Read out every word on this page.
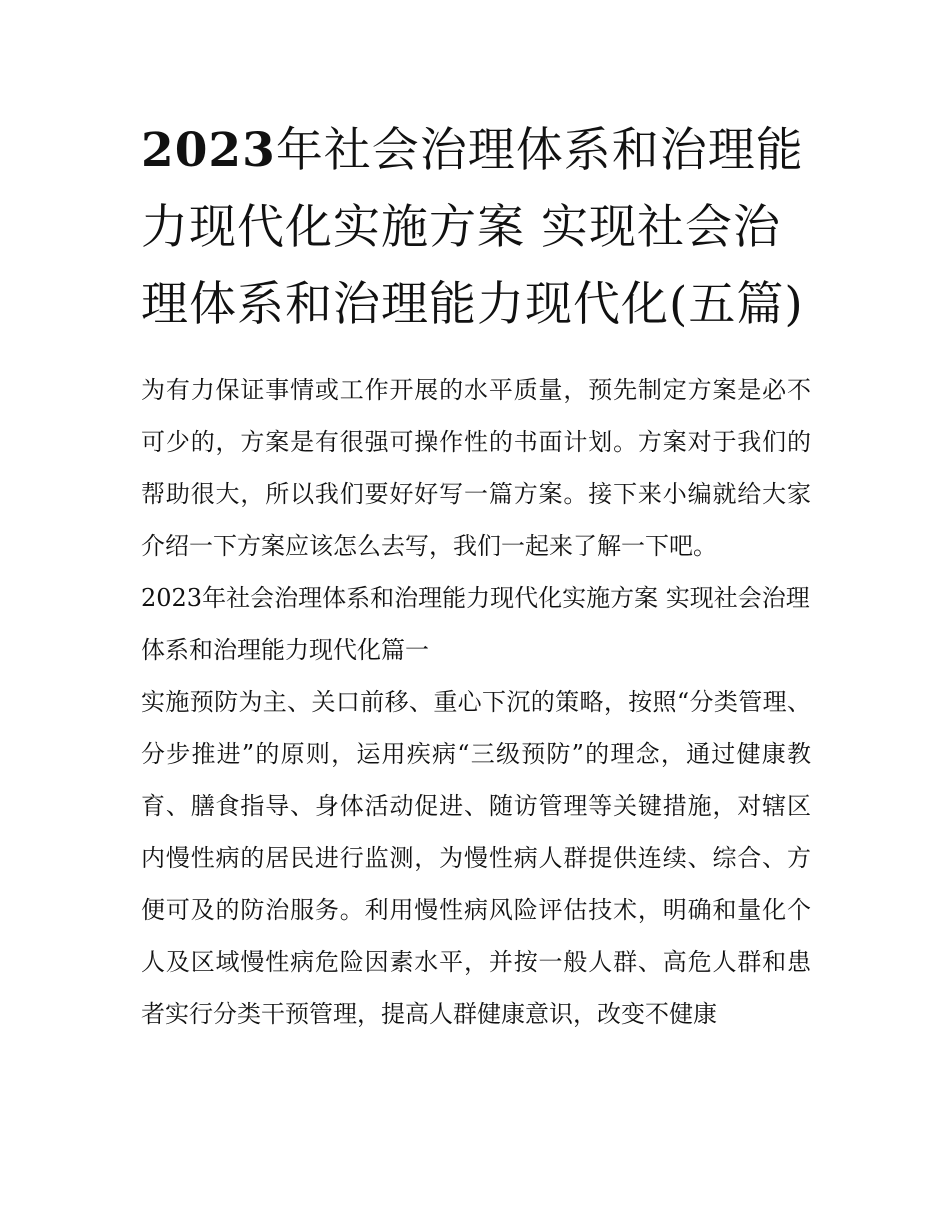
2023年社会治理体系和治理能力现代化实施方案 实现社会治理体系和治理能力现代化(五篇)

为有力保证事情或工作开展的水平质量，预先制定方案是必不可少的，方案是有很强可操作性的书面计划。方案对于我们的帮助很大，所以我们要好好写一篇方案。接下来小编就给大家介绍一下方案应该怎么去写，我们一起来了解一下吧。

2023年社会治理体系和治理能力现代化实施方案 实现社会治理体系和治理能力现代化篇一

实施预防为主、关口前移、重心下沉的策略，按照“分类管理、分步推进”的原则，运用疾病“三级预防”的理念，通过健康教育、膳食指导、身体活动促进、随访管理等关键措施，对辖区内慢性病的居民进行监测，为慢性病人群提供连续、综合、方便可及的防治服务。利用慢性病风险评估技术，明确和量化个人及区域慢性病危险因素水平，并按一般人群、高危人群和患者实行分类干预管理，提高人群健康意识，改变不健康
